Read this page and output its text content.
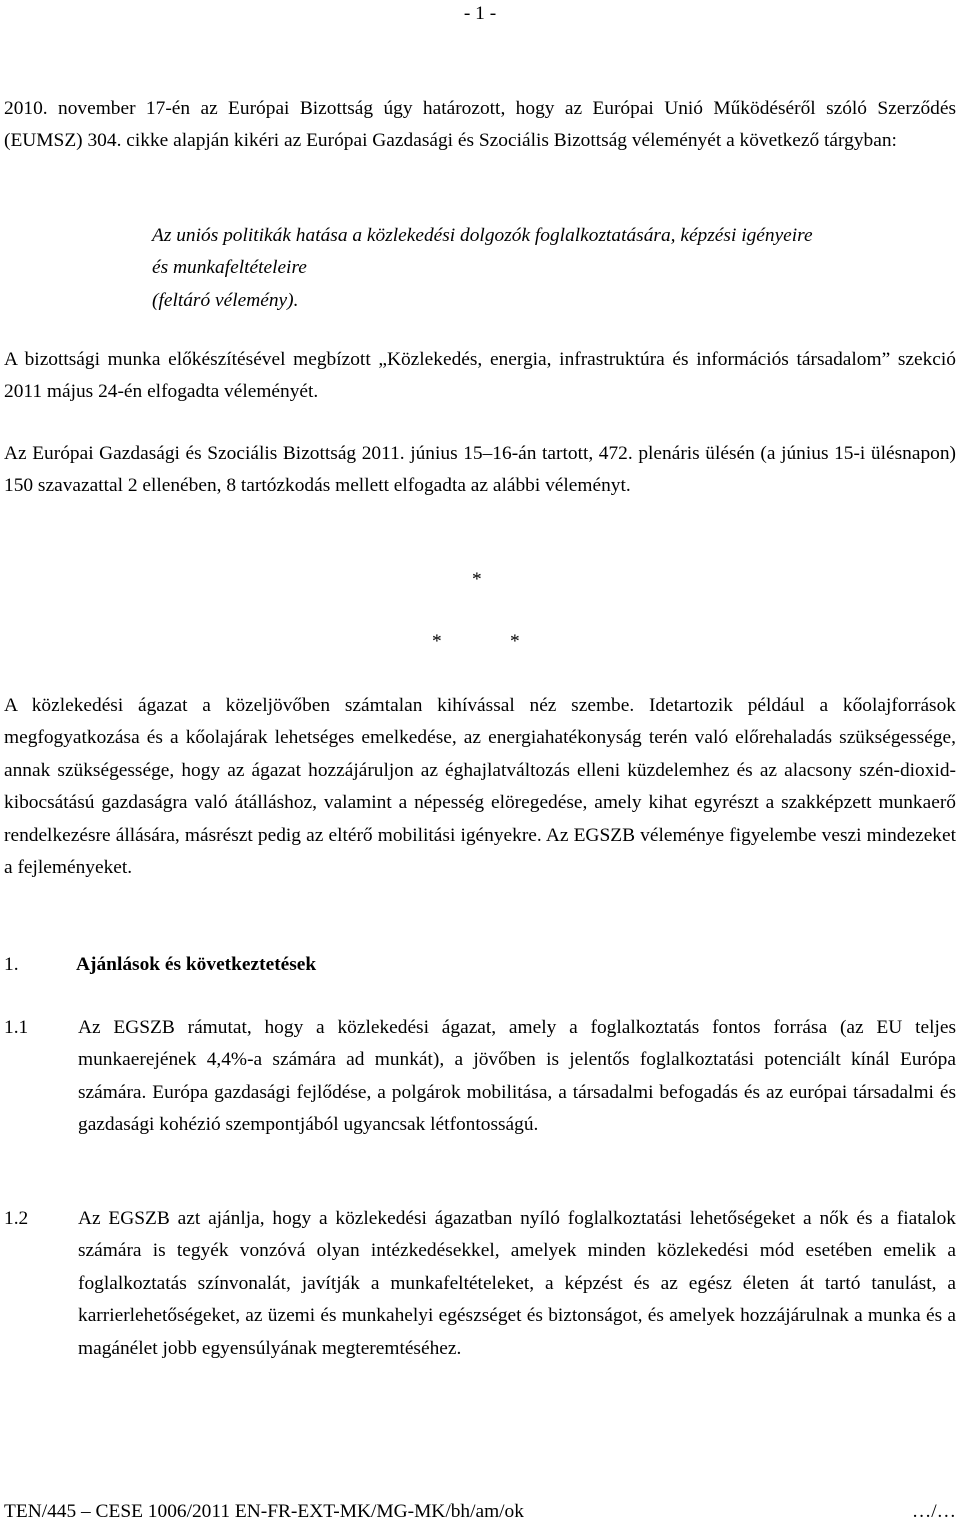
- 1 -
2010. november 17-én az Európai Bizottság úgy határozott, hogy az Európai Unió Működéséről szóló Szerződés (EUMSZ) 304. cikke alapján kikéri az Európai Gazdasági és Szociális Bizottság véleményét a következő tárgyban:
Az uniós politikák hatása a közlekedési dolgozók foglalkoztatására, képzési igényeire
és munkafeltételeire
(feltáró vélemény).
A bizottsági munka előkészítésével megbízott „Közlekedés, energia, infrastruktúra és információs társadalom” szekció 2011 május 24-én elfogadta véleményét.
Az Európai Gazdasági és Szociális Bizottság 2011. június 15–16-án tartott, 472. plenáris ülésén (a június 15-i ülésnapon) 150 szavazattal 2 ellenében, 8 tartózkodás mellett elfogadta az alábbi véleményt.
*
*	*
A közlekedési ágazat a közeljövőben számtalan kihívással néz szembe. Idetartozik például a kőolajforrások megfogyatkozása és a kőolajárak lehetséges emelkedése, az energiahatékonyság terén való előrehaladás szükségessége, annak szükségessége, hogy az ágazat hozzájáruljon az éghajlatváltozás elleni küzdelemhez és az alacsony szén-dioxid-kibocsátású gazdaságra való átálláshoz, valamint a népesség elöregedése, amely kihat egyrészt a szakképzett munkaerő rendelkezésre állására, másrészt pedig az eltérő mobilitási igényekre. Az EGSZB véleménye figyelembe veszi mindezeket a fejleményeket.
1.	Ajánlások és következtetések
1.1	Az EGSZB rámutat, hogy a közlekedési ágazat, amely a foglalkoztatás fontos forrása (az EU teljes munkaerejének 4,4%-a számára ad munkát), a jövőben is jelentős foglalkoztatási potenciált kínál Európa számára. Európa gazdasági fejlődése, a polgárok mobilitása, a társadalmi befogadás és az európai társadalmi és gazdasági kohézió szempontjából ugyancsak létfontosságú.
1.2	Az EGSZB azt ajánlja, hogy a közlekedési ágazatban nyíló foglalkoztatási lehetőségeket a nők és a fiatalok számára is tegyék vonzóvá olyan intézkedésekkel, amelyek minden közlekedési mód esetében emelik a foglalkoztatás színvonalát, javítják a munkafeltételeket, a képzést és az egész életen át tartó tanulást, a karrierlehetőségeket, az üzemi és munkahelyi egészséget és biztonságot, és amelyek hozzájárulnak a munka és a magánélet jobb egyensúlyának megteremtéséhez.
TEN/445 – CESE 1006/2011 EN-FR-EXT-MK/MG-MK/bh/am/ok	…/…
